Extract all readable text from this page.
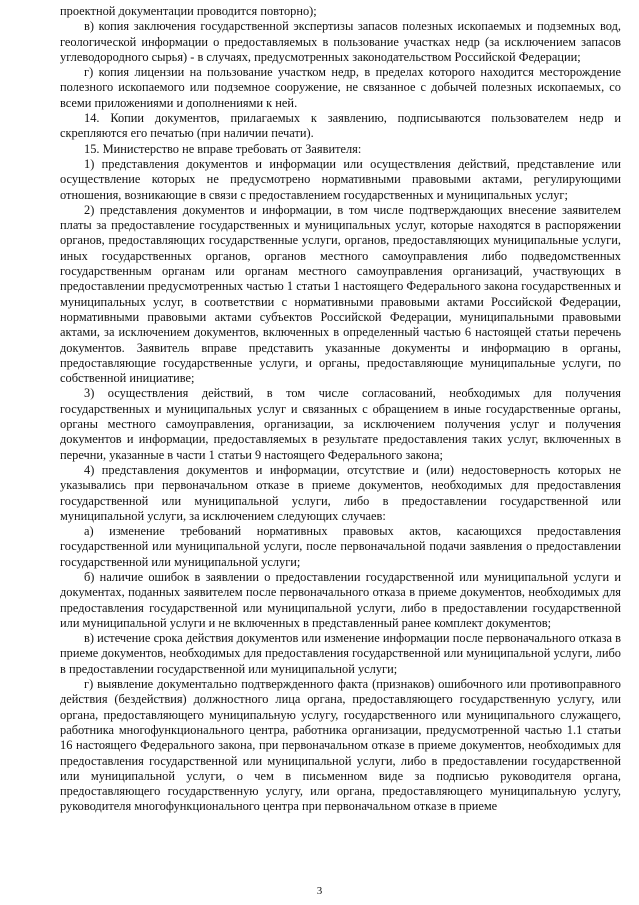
проектной документации проводится повторно);

в) копия заключения государственной экспертизы запасов полезных ископаемых и подземных вод, геологической информации о предоставляемых в пользование участках недр (за исключением запасов углеводородного сырья) - в случаях, предусмотренных законодательством Российской Федерации;

г) копия лицензии на пользование участком недр, в пределах которого находится месторождение полезного ископаемого или подземное сооружение, не связанное с добычей полезных ископаемых, со всеми приложениями и дополнениями к ней.

14. Копии документов, прилагаемых к заявлению, подписываются пользователем недр и скрепляются его печатью (при наличии печати).

15. Министерство не вправе требовать от Заявителя:

1) представления документов и информации или осуществления действий, представление или осуществление которых не предусмотрено нормативными правовыми актами, регулирующими отношения, возникающие в связи с предоставлением государственных и муниципальных услуг;

2) представления документов и информации, в том числе подтверждающих внесение заявителем платы за предоставление государственных и муниципальных услуг, которые находятся в распоряжении органов, предоставляющих государственные услуги, органов, предоставляющих муниципальные услуги, иных государственных органов, органов местного самоуправления либо подведомственных государственным органам или органам местного самоуправления организаций, участвующих в предоставлении предусмотренных частью 1 статьи 1 настоящего Федерального закона государственных и муниципальных услуг, в соответствии с нормативными правовыми актами Российской Федерации, нормативными правовыми актами субъектов Российской Федерации, муниципальными правовыми актами, за исключением документов, включенных в определенный частью 6 настоящей статьи перечень документов. Заявитель вправе представить указанные документы и информацию в органы, предоставляющие государственные услуги, и органы, предоставляющие муниципальные услуги, по собственной инициативе;

3) осуществления действий, в том числе согласований, необходимых для получения государственных и муниципальных услуг и связанных с обращением в иные государственные органы, органы местного самоуправления, организации, за исключением получения услуг и получения документов и информации, предоставляемых в результате предоставления таких услуг, включенных в перечни, указанные в части 1 статьи 9 настоящего Федерального закона;

4) представления документов и информации, отсутствие и (или) недостоверность которых не указывались при первоначальном отказе в приеме документов, необходимых для предоставления государственной или муниципальной услуги, либо в предоставлении государственной или муниципальной услуги, за исключением следующих случаев:

а) изменение требований нормативных правовых актов, касающихся предоставления государственной или муниципальной услуги, после первоначальной подачи заявления о предоставлении государственной или муниципальной услуги;

б) наличие ошибок в заявлении о предоставлении государственной или муниципальной услуги и документах, поданных заявителем после первоначального отказа в приеме документов, необходимых для предоставления государственной или муниципальной услуги, либо в предоставлении государственной или муниципальной услуги и не включенных в представленный ранее комплект документов;

в) истечение срока действия документов или изменение информации после первоначального отказа в приеме документов, необходимых для предоставления государственной или муниципальной услуги, либо в предоставлении государственной или муниципальной услуги;

г) выявление документально подтвержденного факта (признаков) ошибочного или противоправного действия (бездействия) должностного лица органа, предоставляющего государственную услугу, или органа, предоставляющего муниципальную услугу, государственного или муниципального служащего, работника многофункционального центра, работника организации, предусмотренной частью 1.1 статьи 16 настоящего Федерального закона, при первоначальном отказе в приеме документов, необходимых для предоставления государственной или муниципальной услуги, либо в предоставлении государственной или муниципальной услуги, о чем в письменном виде за подписью руководителя органа, предоставляющего государственную услугу, или органа, предоставляющего муниципальную услугу, руководителя многофункционального центра при первоначальном отказе в приеме

3
